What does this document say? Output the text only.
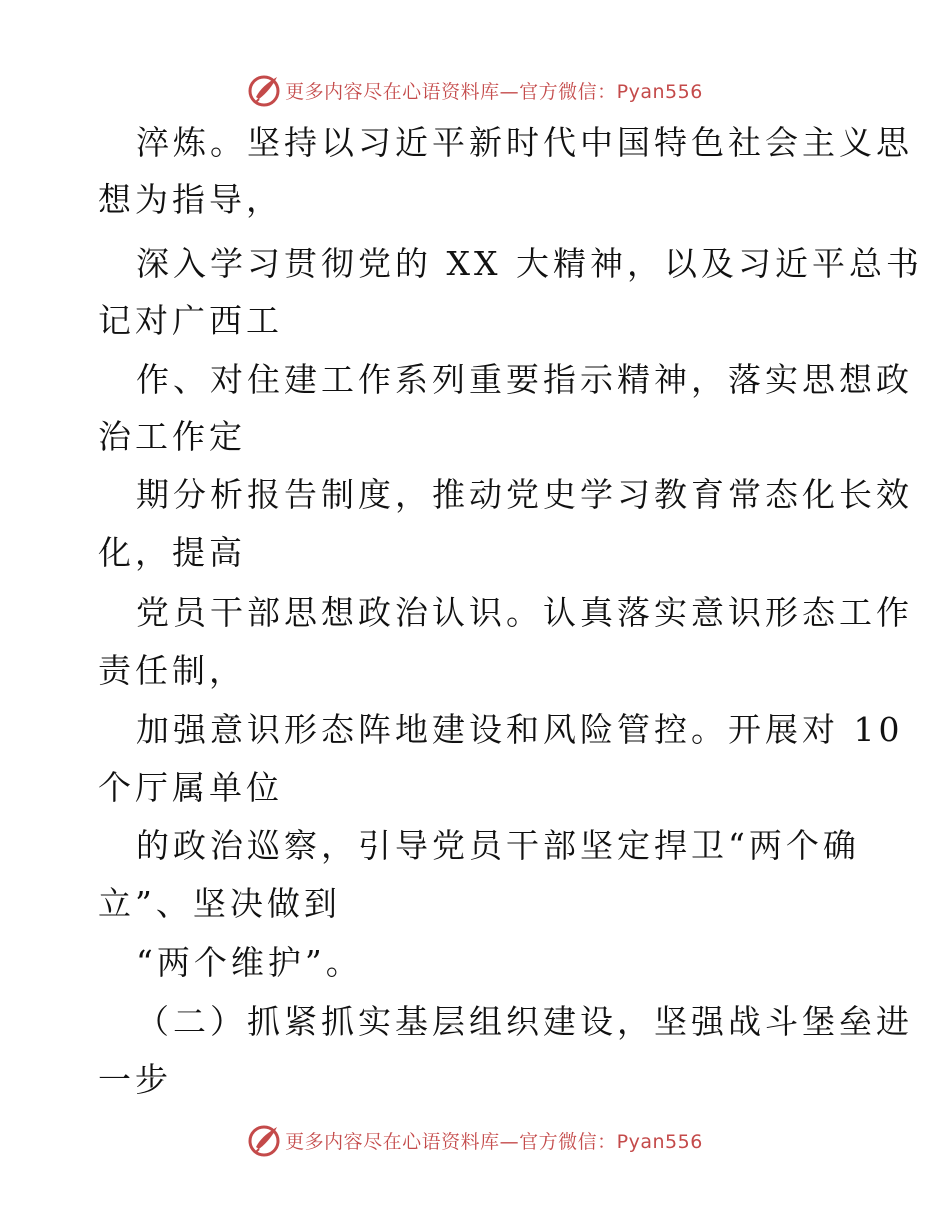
更多内容尽在心语资料库—官方微信：Pyan556
淬炼。坚持以习近平新时代中国特色社会主义思
想为指导，
深入学习贯彻党的 XX 大精神，以及习近平总书
记对广西工
作、对住建工作系列重要指示精神，落实思想政
治工作定
期分析报告制度，推动党史学习教育常态化长效
化，提高
党员干部思想政治认识。认真落实意识形态工作
责任制，
加强意识形态阵地建设和风险管控。开展对 10
个厅属单位
的政治巡察，引导党员干部坚定捍卫“两个确
立”、坚决做到
“两个维护”。
（二）抓紧抓实基层组织建设，坚强战斗堡垒进
一步
更多内容尽在心语资料库—官方微信：Pyan556
